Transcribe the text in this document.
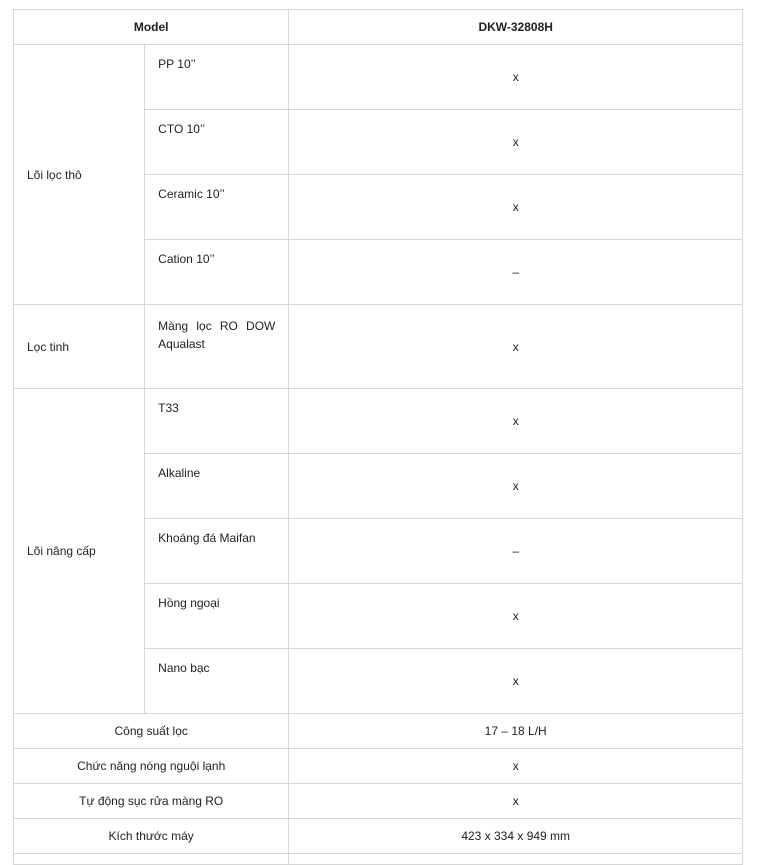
Model		DKW-32808H
Lõi lọc thô	PP 10’’	x
	CTO 10’’	x
	Ceramic 10’’	x
	Cation 10’’	–
Lọc tinh	Màng lọc RO DOW Aqualast	x
Lõi nâng cấp	T33	x
	Alkaline	x
	Khoáng đá Maifan	–
	Hồng ngoại	x
	Nano bạc	x
Công suất lọc		17 – 18 L/H
Chức năng nóng nguội lạnh		x
Tự động sục rửa màng RO		x
Kích thước máy		423 x 334 x 949 mm
